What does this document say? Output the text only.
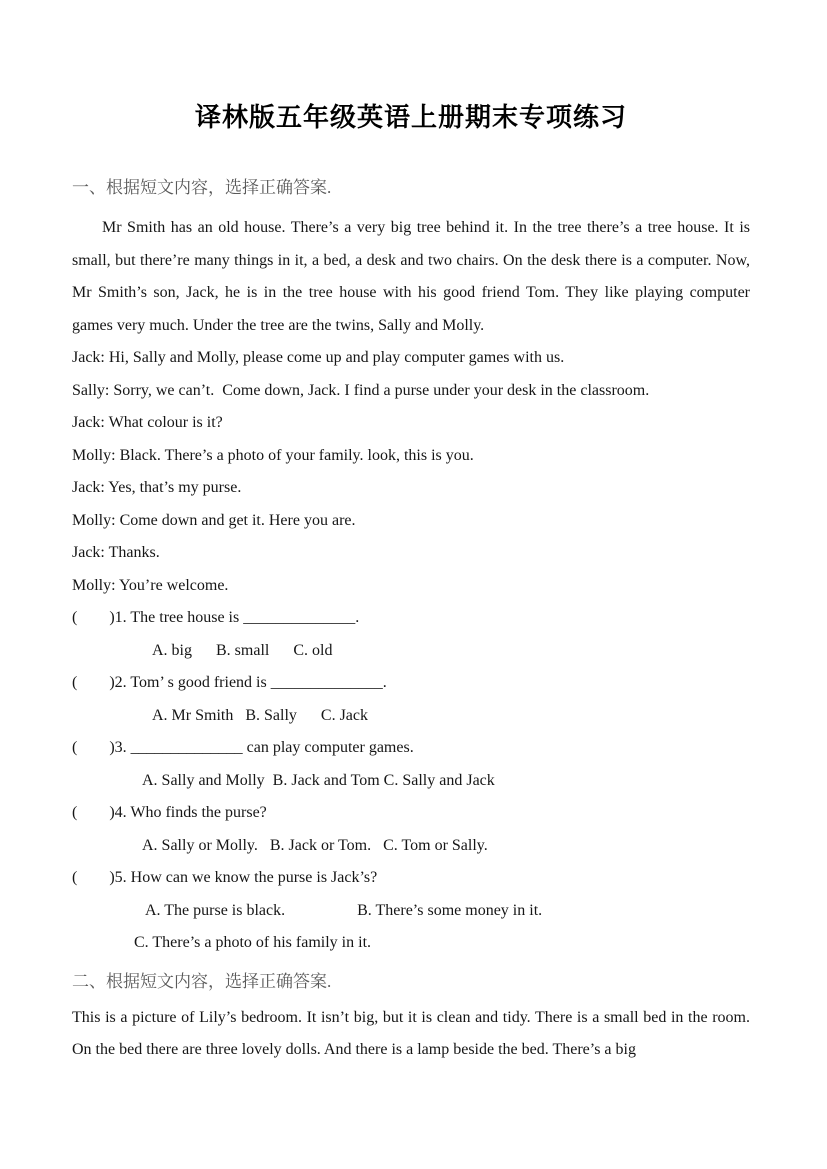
译林版五年级英语上册期末专项练习
一、根据短文内容，选择正确答案.

Mr Smith has an old house. There’s a very big tree behind it. In the tree there’s a tree house. It is small, but there’re many things in it, a bed, a desk and two chairs. On the desk there is a computer. Now, Mr Smith’s son, Jack, he is in the tree house with his good friend Tom. They like playing computer games very much. Under the tree are the twins, Sally and Molly.

Jack: Hi, Sally and Molly, please come up and play computer games with us.
Sally: Sorry, we can’t.  Come down, Jack. I find a purse under your desk in the classroom.
Jack: What colour is it?
Molly: Black. There’s a photo of your family. look, this is you.
Jack: Yes, that’s my purse.
Molly: Come down and get it. Here you are.
Jack: Thanks.
Molly: You’re welcome.
(        )1. The tree house is ______________.
A. big      B. small      C. old
(        )2. Tom’ s good friend is ______________.
A. Mr Smith   B. Sally      C. Jack
(        )3. ______________ can play computer games.
A. Sally and Molly  B. Jack and Tom C. Sally and Jack
(        )4. Who finds the purse?
A. Sally or Molly.   B. Jack or Tom.   C. Tom or Sally.
(        )5. How can we know the purse is Jack’s?
A. The purse is black.                  B. There’s some money in it.
C. There’s a photo of his family in it.
二、根据短文内容，选择正确答案.

This is a picture of Lily’s bedroom. It isn’t big, but it is clean and tidy. There is a small bed in the room. On the bed there are three lovely dolls. And there is a lamp beside the bed. There’s a big
